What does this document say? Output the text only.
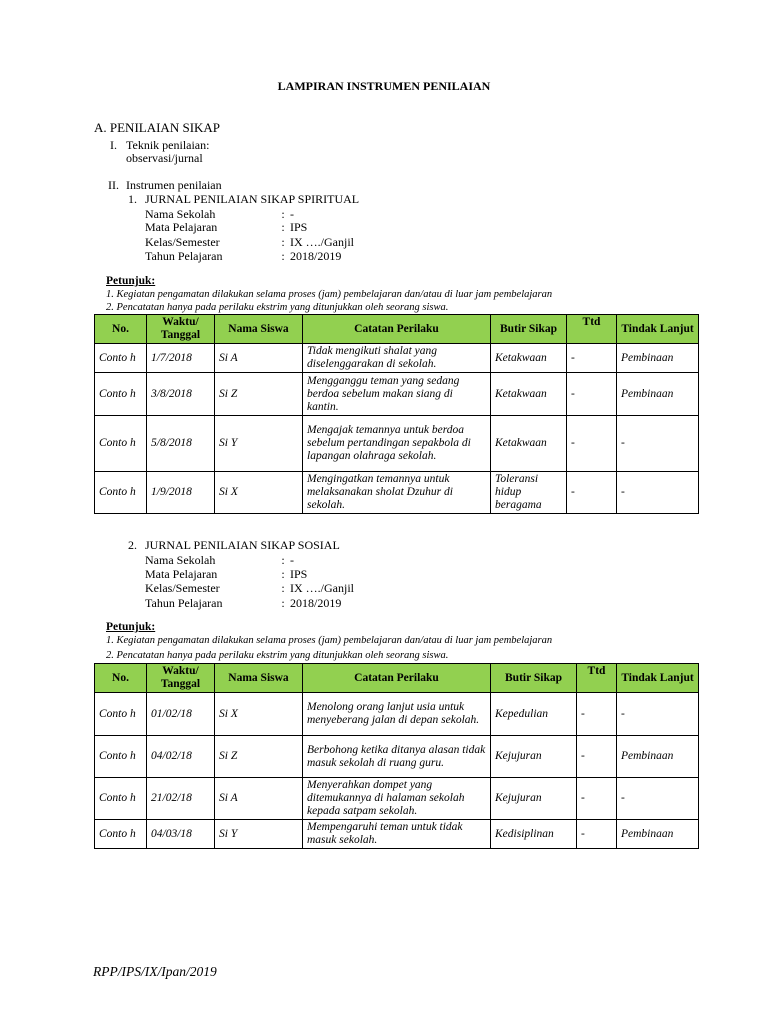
LAMPIRAN INSTRUMEN PENILAIAN
A. PENILAIAN SIKAP
I. Teknik penilaian:
observasi/jurnal
II. Instrumen penilaian
1. JURNAL PENILAIAN SIKAP SPIRITUAL
Nama Sekolah	: -
Mata Pelajaran	: IPS
Kelas/Semester	: IX …./Ganjil
Tahun Pelajaran	: 2018/2019
Petunjuk:
1. Kegiatan pengamatan dilakukan selama proses (jam) pembelajaran dan/atau di luar jam pembelajaran
2. Pencatatan hanya pada perilaku ekstrim yang ditunjukkan oleh seorang siswa.
No.	Waktu/ Tanggal	Nama Siswa	Catatan Perilaku	Butir Sikap	Ttd	Tindak Lanjut
Conto h	1/7/2018	Si A	Tidak mengikuti shalat yang diselenggarakan di sekolah.	Ketakwaan	-	Pembinaan
Conto h	3/8/2018	Si Z	Mengganggu teman yang sedang berdoa sebelum makan siang di kantin.	Ketakwaan	-	Pembinaan
Conto h	5/8/2018	Si Y	Mengajak temannya untuk berdoa sebelum pertandingan sepakbola di lapangan olahraga sekolah.	Ketakwaan	-	-
Conto h	1/9/2018	Si X	Mengingatkan temannya untuk melaksanakan sholat Dzuhur di sekolah.	Toleransi hidup beragama	-	-
2. JURNAL PENILAIAN SIKAP SOSIAL
Nama Sekolah	: -
Mata Pelajaran	: IPS
Kelas/Semester	: IX …./Ganjil
Tahun Pelajaran	: 2018/2019
Petunjuk:
1. Kegiatan pengamatan dilakukan selama proses (jam) pembelajaran dan/atau di luar jam pembelajaran
2. Pencatatan hanya pada perilaku ekstrim yang ditunjukkan oleh seorang siswa.
No.	Waktu/ Tanggal	Nama Siswa	Catatan Perilaku	Butir Sikap	Ttd	Tindak Lanjut
Conto h	01/02/18	Si X	Menolong orang lanjut usia untuk menyeberang jalan di depan sekolah.	Kepedulian	-	-
Conto h	04/02/18	Si Z	Berbohong ketika ditanya alasan tidak masuk sekolah di ruang guru.	Kejujuran	-	Pembinaan
Conto h	21/02/18	Si A	Menyerahkan dompet yang ditemukannya di halaman sekolah kepada satpam sekolah.	Kejujuran	-	-
Conto h	04/03/18	Si Y	Mempengaruhi teman untuk tidak masuk sekolah.	Kedisiplinan	-	Pembinaan
RPP/IPS/IX/Ipan/2019
